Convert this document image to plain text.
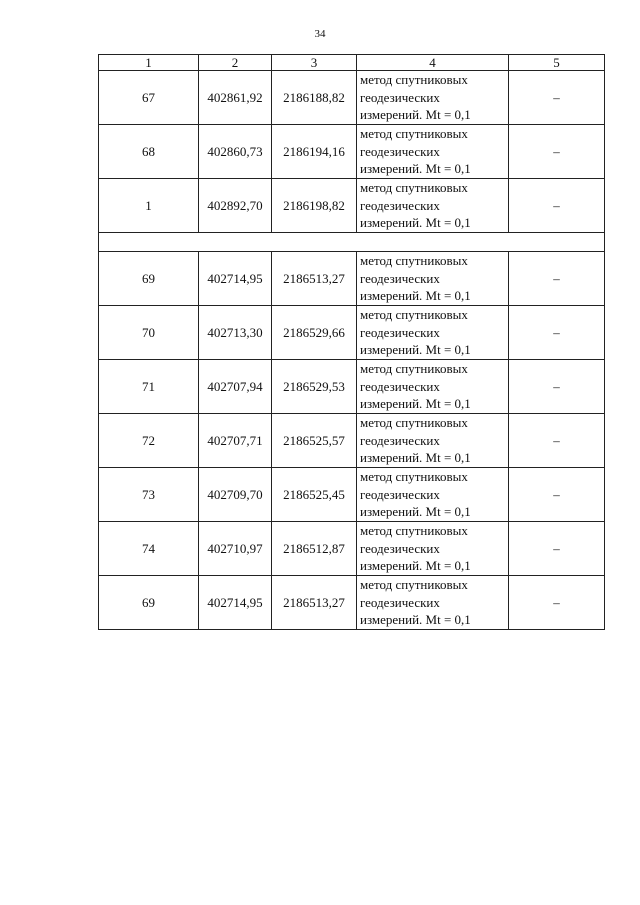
34
1	2	3	4	5
67	402861,92	2186188,82	метод спутниковых
геодезических
измерений. Mt = 0,1	–
68	402860,73	2186194,16	метод спутниковых
геодезических
измерений. Mt = 0,1	–
1	402892,70	2186198,82	метод спутниковых
геодезических
измерений. Mt = 0,1	–

69	402714,95	2186513,27	метод спутниковых
геодезических
измерений. Mt = 0,1	–
70	402713,30	2186529,66	метод спутниковых
геодезических
измерений. Mt = 0,1	–
71	402707,94	2186529,53	метод спутниковых
геодезических
измерений. Mt = 0,1	–
72	402707,71	2186525,57	метод спутниковых
геодезических
измерений. Mt = 0,1	–
73	402709,70	2186525,45	метод спутниковых
геодезических
измерений. Mt = 0,1	–
74	402710,97	2186512,87	метод спутниковых
геодезических
измерений. Mt = 0,1	–
69	402714,95	2186513,27	метод спутниковых
геодезических
измерений. Mt = 0,1	–
